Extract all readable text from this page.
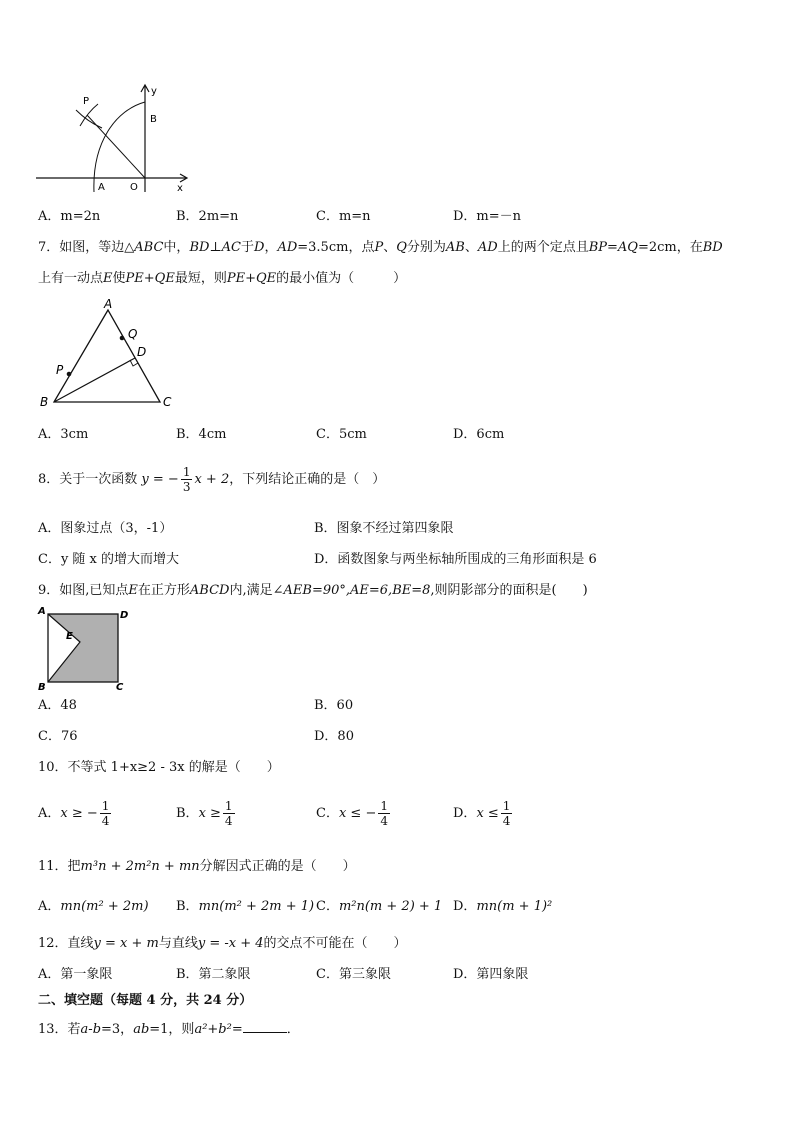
P
y
B
A	O	x
A．m=2n	B．2m=n	C．m=n	D．m=－n
7．如图，等边△ABC中，BD⊥AC于D，AD=3.5cm，点P、Q分别为AB、AD上的两个定点且BP=AQ=2cm，在BD
上有一动点E使PE+QE最短，则PE+QE的最小值为（　　　）
A
Q
D
P
B	C
A．3cm	B．4cm	C．5cm	D．6cm
8．关于一次函数 y = − $\frac{1}{3}$ x + 2，下列结论正确的是（　）
A．图象过点（3，-1）	B．图象不经过第四象限
C．y 随 x 的增大而增大	D．函数图象与两坐标轴所围成的三角形面积是 6
9．如图,已知点E在正方形ABCD内,满足∠AEB=90°,AE=6,BE=8,则阴影部分的面积是(　　)
A	D
E
B	C
A．48	B．60
C．76	D．80
10．不等式 1+x≥2 - 3x 的解是（　　）
A．x ≥ − $\frac{1}{4}$	B．$x \ge \frac{1}{4}$	C．x ≤ − $\frac{1}{4}$	D．$x \le \frac{1}{4}$
11．把m³n + 2m²n + mn分解因式正确的是（　　）
A．mn(m² + 2m) B．mn(m² + 2m + 1) C．m²n(m + 2) + 1 D．mn(m + 1)²
12．直线y = x + m与直线y = -x + 4的交点不可能在（　　）
A．第一象限	B．第二象限	C．第三象限	D．第四象限
二、填空题（每题 4 分，共 24 分）
13．若a-b=3，ab=1，则a²+b²=	．
